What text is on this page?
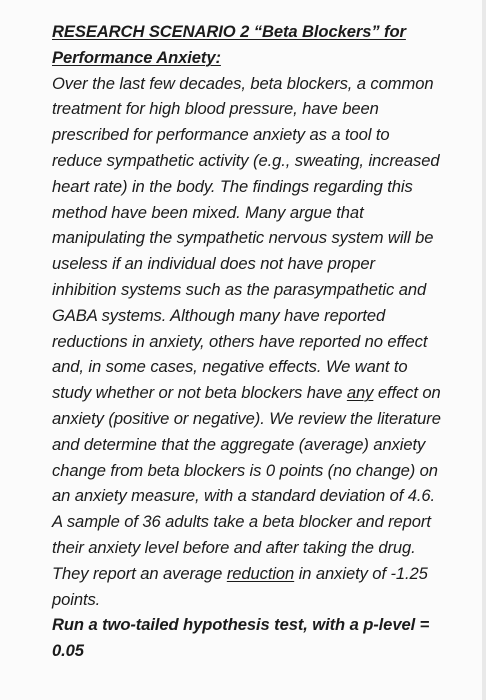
RESEARCH SCENARIO 2 “Beta Blockers” for Performance Anxiety:

Over the last few decades, beta blockers, a common treatment for high blood pressure, have been prescribed for performance anxiety as a tool to reduce sympathetic activity (e.g., sweating, increased heart rate) in the body. The findings regarding this method have been mixed. Many argue that manipulating the sympathetic nervous system will be useless if an individual does not have proper inhibition systems such as the parasympathetic and GABA systems. Although many have reported reductions in anxiety, others have reported no effect and, in some cases, negative effects. We want to study whether or not beta blockers have any effect on anxiety (positive or negative). We review the literature and determine that the aggregate (average) anxiety change from beta blockers is 0 points (no change) on an anxiety measure, with a standard deviation of 4.6. A sample of 36 adults take a beta blocker and report their anxiety level before and after taking the drug. They report an average reduction in anxiety of -1.25 points.

Run a two-tailed hypothesis test, with a p-level = 0.05
